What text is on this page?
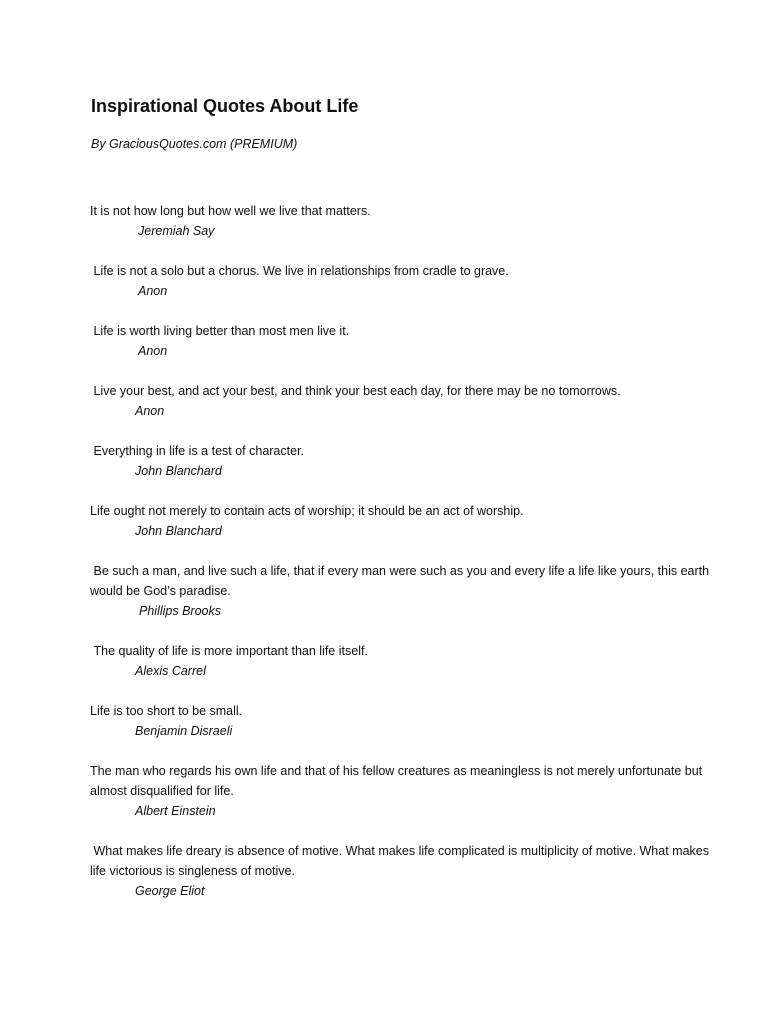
Inspirational Quotes About Life

By GraciousQuotes.com (PREMIUM)

It is not how long but how well we live that matters.
Jeremiah Say
Life is not a solo but a chorus. We live in relationships from cradle to grave.
Anon
Life is worth living better than most men live it.
Anon
Live your best, and act your best, and think your best each day, for there may be no tomorrows.
Anon
Everything in life is a test of character.
John Blanchard
Life ought not merely to contain acts of worship; it should be an act of worship.
John Blanchard
Be such a man, and live such a life, that if every man were such as you and every life a life like yours, this earth would be God’s paradise.
Phillips Brooks
The quality of life is more important than life itself.
Alexis Carrel
Life is too short to be small.
Benjamin Disraeli
The man who regards his own life and that of his fellow creatures as meaningless is not merely unfortunate but almost disqualified for life.
Albert Einstein
What makes life dreary is absence of motive. What makes life complicated is multiplicity of motive. What makes life victorious is singleness of motive.
George Eliot
